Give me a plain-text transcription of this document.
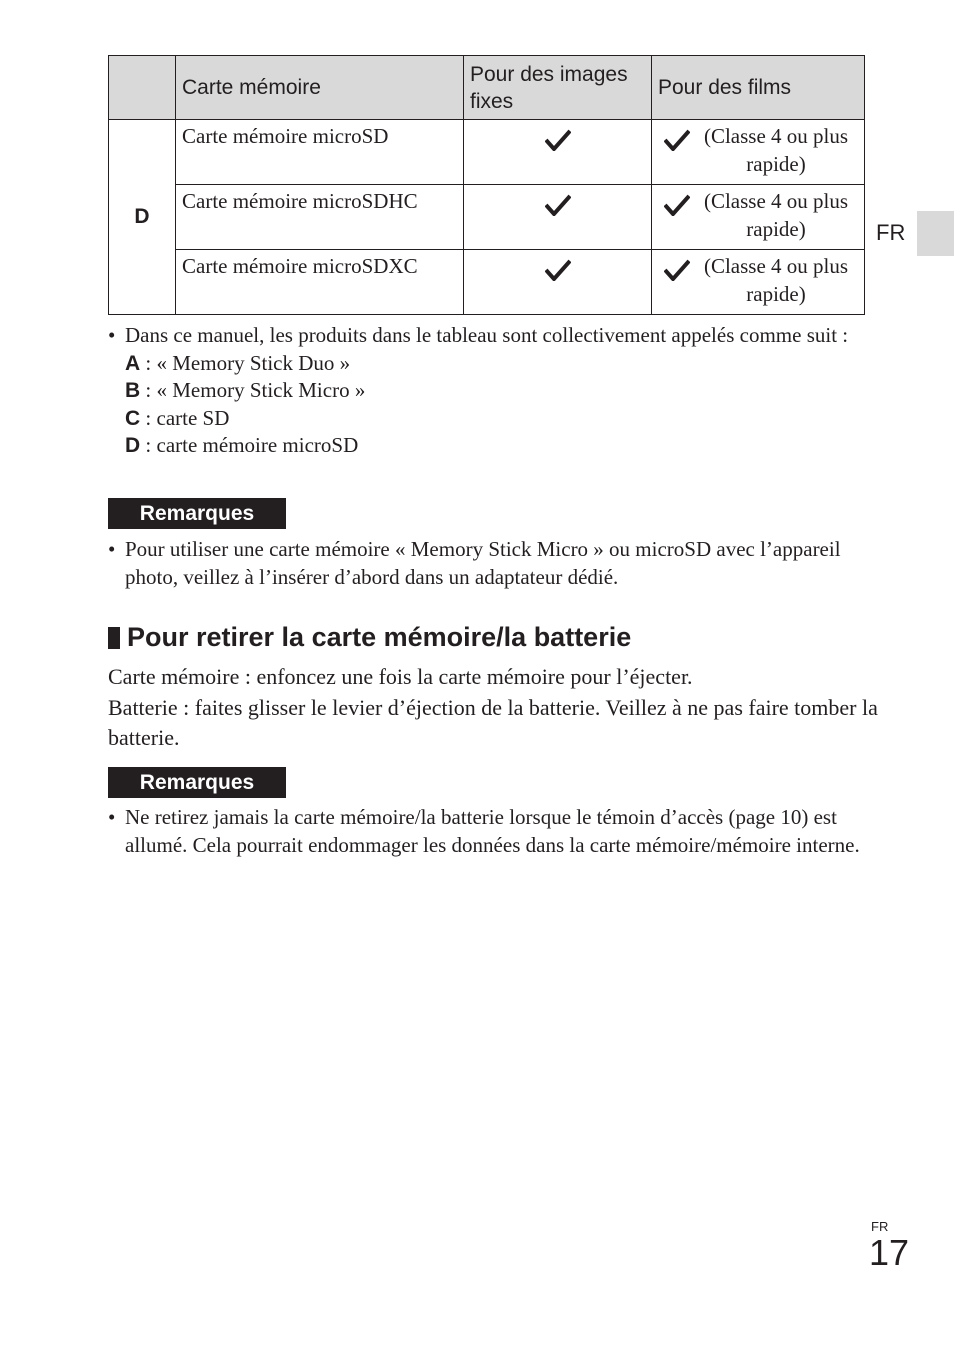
	Carte mémoire	Pour des images fixes	Pour des films
D	Carte mémoire microSD		(Classe 4 ou plus rapide)

	Carte mémoire microSDHC		(Classe 4 ou plus rapide)

	Carte mémoire microSDXC		(Classe 4 ou plus rapide)
FR
• Dans ce manuel, les produits dans le tableau sont collectivement appelés comme suit :
A : « Memory Stick Duo »
B : « Memory Stick Micro »
C : carte SD
D : carte mémoire microSD
Remarques
• Pour utiliser une carte mémoire « Memory Stick Micro » ou microSD avec l’appareil photo, veillez à l’insérer d’abord dans un adaptateur dédié.
Pour retirer la carte mémoire/la batterie
Carte mémoire : enfoncez une fois la carte mémoire pour l’éjecter.
Batterie : faites glisser le levier d’éjection de la batterie. Veillez à ne pas faire tomber la batterie.
Remarques
• Ne retirez jamais la carte mémoire/la batterie lorsque le témoin d’accès (page 10) est allumé. Cela pourrait endommager les données dans la carte mémoire/mémoire interne.
FR
17
